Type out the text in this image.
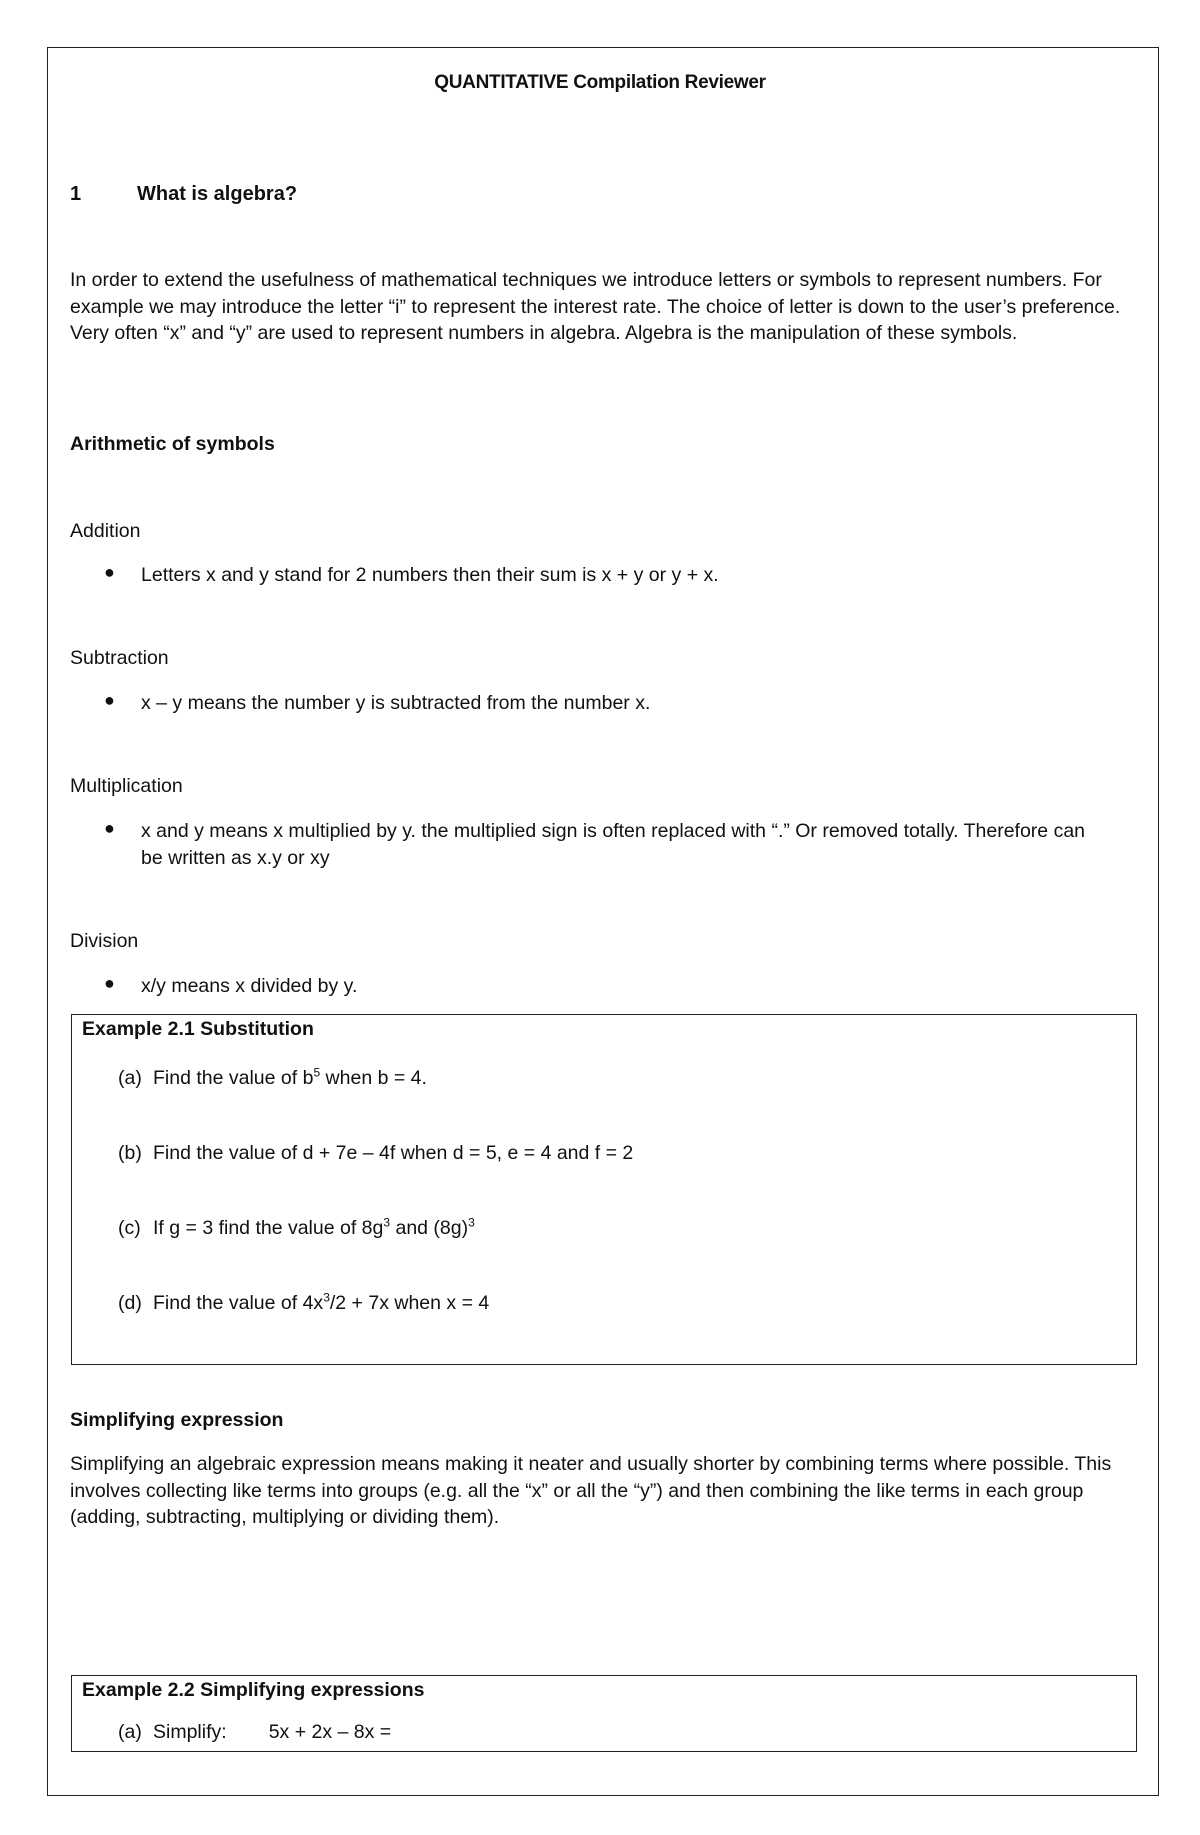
QUANTITATIVE Compilation Reviewer
1	What is algebra?
In order to extend the usefulness of mathematical techniques we introduce letters or symbols to represent numbers. For example we may introduce the letter “i” to represent the interest rate. The choice of letter is down to the user’s preference. Very often “x” and “y” are used to represent numbers in algebra. Algebra is the manipulation of these symbols.
Arithmetic of symbols
Addition
● Letters x and y stand for 2 numbers then their sum is x + y or y + x.
Subtraction
● x – y means the number y is subtracted from the number x.
Multiplication
● x and y means x multiplied by y. the multiplied sign is often replaced with “.” Or removed totally. Therefore can be written as x.y or xy
Division
● x/y means x divided by y.
Example 2.1 Substitution
(a) Find the value of $b^5$ when b = 4.
(b) Find the value of d + 7e – 4f when d = 5, e = 4 and f = 2
(c) If g = 3 find the value of $8g^3$ and $(8g)^3$
(d) Find the value of $4x^3/2 + 7x$ when x = 4
Simplifying expression
Simplifying an algebraic expression means making it neater and usually shorter by combining terms where possible. This involves collecting like terms into groups (e.g. all the “x” or all the “y”) and then combining the like terms in each group (adding, subtracting, multiplying or dividing them).
Example 2.2 Simplifying expressions
(a) Simplify: 5x + 2x – 8x =
